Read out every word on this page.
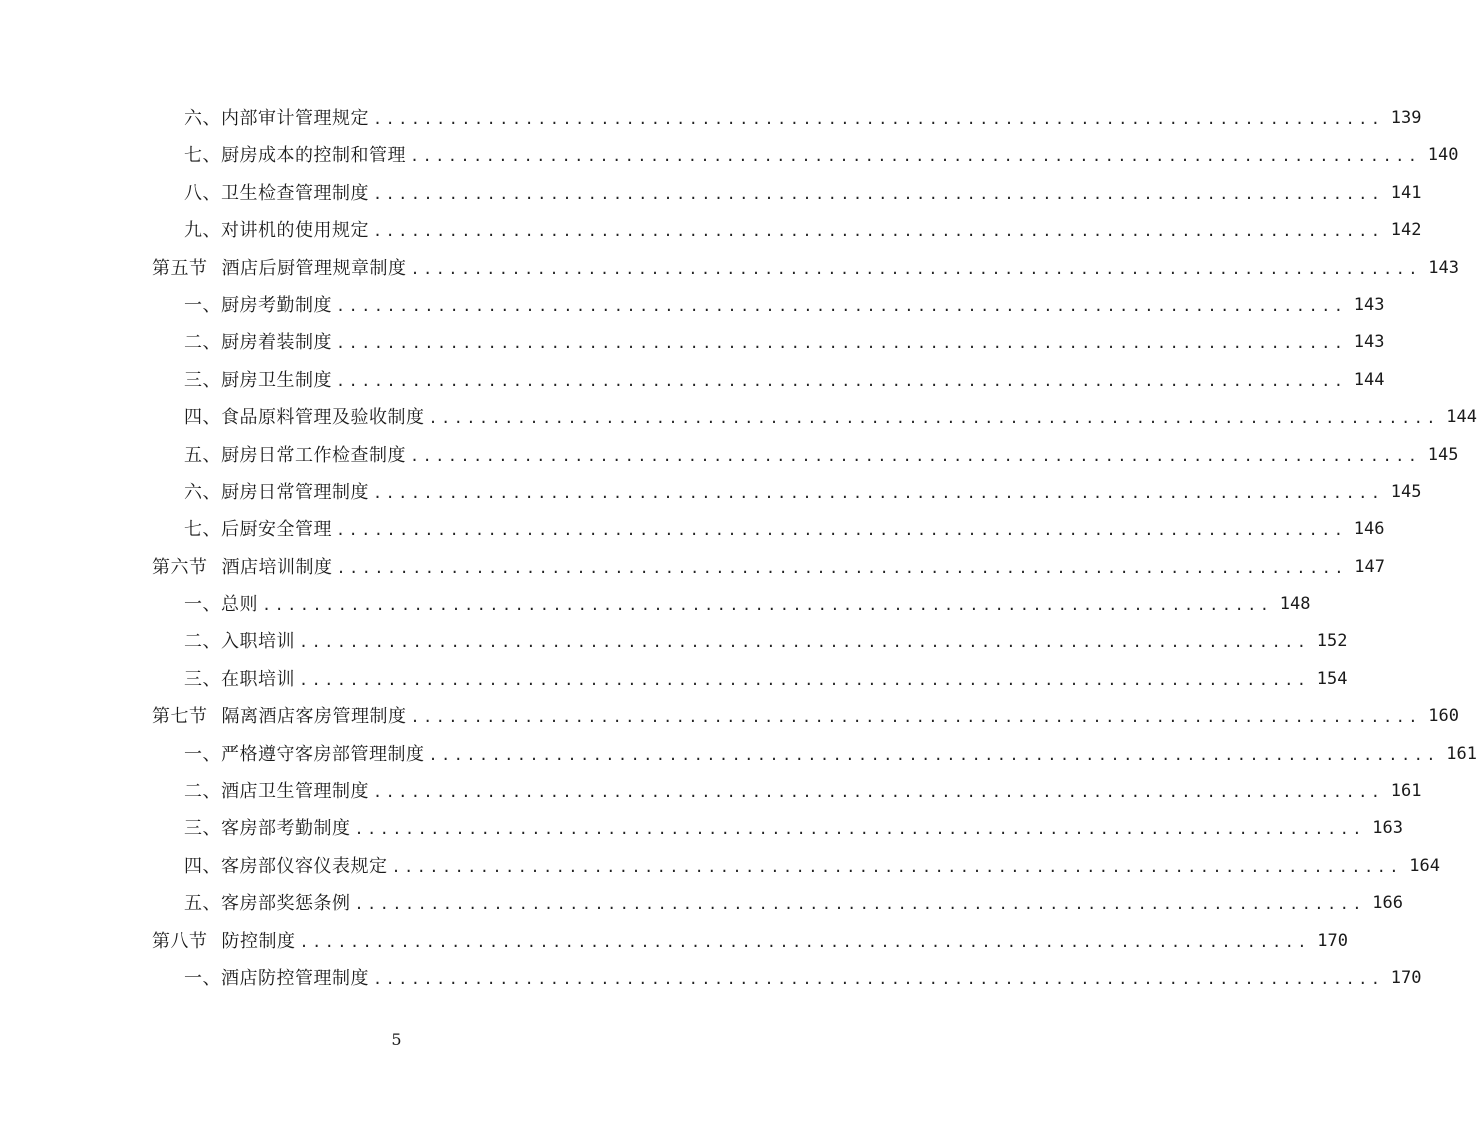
六、内部审计管理规定 ................................................................................ 139
七、厨房成本的控制和管理 ................................................................................ 140
八、卫生检查管理制度 ................................................................................ 141
九、对讲机的使用规定 ................................................................................ 142
第五节 酒店后厨管理规章制度 ................................................................................ 143
一、厨房考勤制度 ................................................................................ 143
二、厨房着装制度 ................................................................................ 143
三、厨房卫生制度 ................................................................................ 144
四、食品原料管理及验收制度 ................................................................................ 144
五、厨房日常工作检查制度 ................................................................................ 145
六、厨房日常管理制度 ................................................................................ 145
七、后厨安全管理 ................................................................................ 146
第六节 酒店培训制度 ................................................................................ 147
一、总则 ................................................................................ 148
二、入职培训 ................................................................................ 152
三、在职培训 ................................................................................ 154
第七节 隔离酒店客房管理制度 ................................................................................ 160
一、严格遵守客房部管理制度 ................................................................................ 161
二、酒店卫生管理制度 ................................................................................ 161
三、客房部考勤制度 ................................................................................ 163
四、客房部仪容仪表规定 ................................................................................ 164
五、客房部奖惩条例 ................................................................................ 166
第八节 防控制度 ................................................................................ 170
一、酒店防控管理制度 ................................................................................ 170
5
